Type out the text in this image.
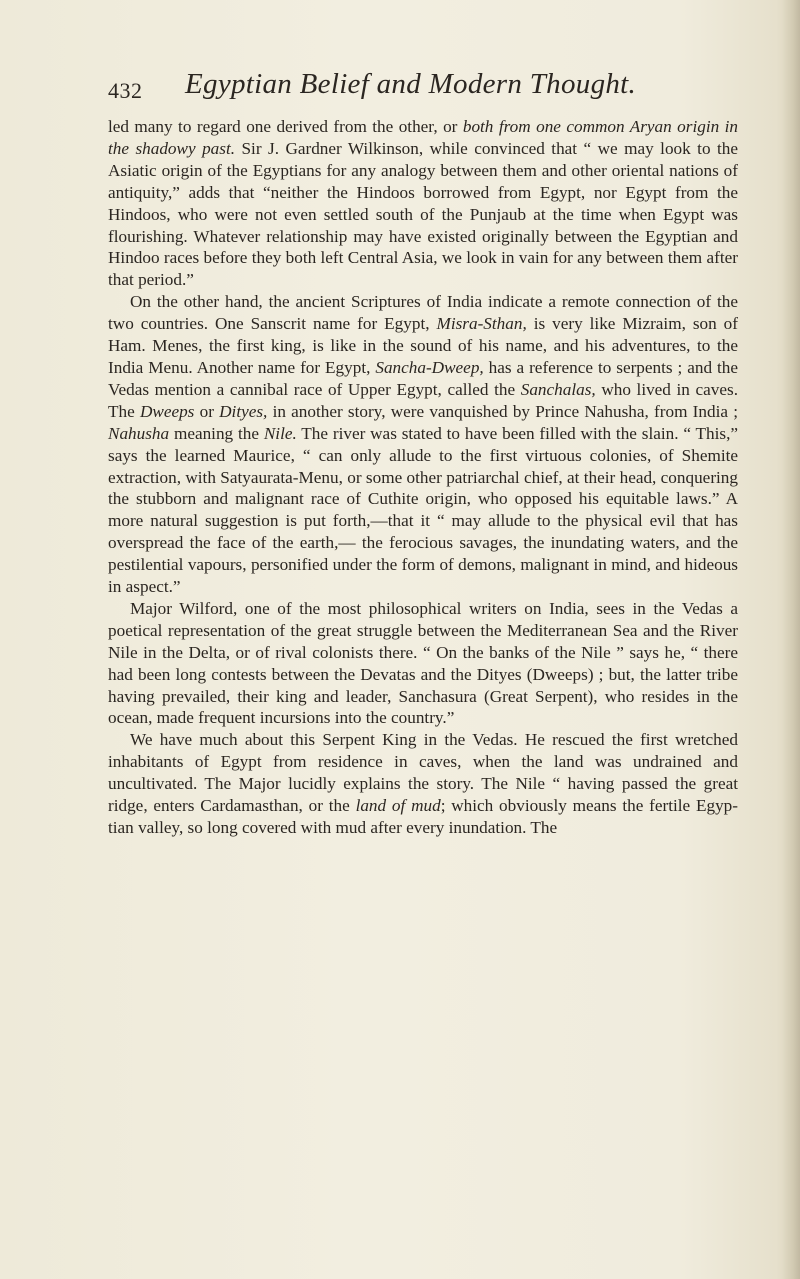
432 Egyptian Belief and Modern Thought.

led many to regard one derived from the other, or both from one common Aryan origin in the shadowy past. Sir J. Gardner Wilkinson, while convinced that “ we may look to the Asiatic origin of the Egyptians for any analogy between them and other oriental nations of antiquity,” adds that “neither the Hindoos borrowed from Egypt, nor Egypt from the Hindoos, who were not even settled south of the Punjaub at the time when Egypt was flourishing. Whatever relationship may have existed originally between the Egyptian and Hindoo races before they both left Central Asia, we look in vain for any between them after that period.”

On the other hand, the ancient Scriptures of India indicate a remote connection of the two countries. One Sanscrit name for Egypt, Misra-Sthan, is very like Mizraim, son of Ham. Menes, the first king, is like in the sound of his name, and his adventures, to the India Menu. Another name for Egypt, Sancha-Dweep, has a reference to serpents ; and the Vedas mention a cannibal race of Upper Egypt, called the Sanchalas, who lived in caves. The Dweeps or Dityes, in another story, were vanquished by Prince Nahusha, from India ; Nahusha meaning the Nile. The river was stated to have been filled with the slain. “ This,” says the learned Maurice, “ can only allude to the first virtuous colonies, of Shemite extraction, with Satyaurata-Menu, or some other patriarchal chief, at their head, conquering the stubborn and malignant race of Cuthite origin, who opposed his equitable laws.” A more natural suggestion is put forth,—that it “ may allude to the physical evil that has overspread the face of the earth,— the ferocious savages, the inundating waters, and the pestilential vapours, personified under the form of demons, malignant in mind, and hideous in aspect.”

Major Wilford, one of the most philosophical writers on India, sees in the Vedas a poetical representation of the great struggle between the Mediterranean Sea and the River Nile in the Delta, or of rival colonists there. “ On the banks of the Nile ” says he, “ there had been long contests between the Devatas and the Dityes (Dweeps) ; but, the latter tribe having prevailed, their king and leader, Sanchasura (Great Serpent), who resides in the ocean, made frequent incursions into the country.”

We have much about this Serpent King in the Vedas. He rescued the first wretched inhabitants of Egypt from residence in caves, when the land was undrained and uncultivated. The Major lucidly explains the story. The Nile “ having passed the great ridge, enters Cardamasthan, or the land of mud; which obviously means the fertile Egyptian valley, so long covered with mud after every inundation. The
